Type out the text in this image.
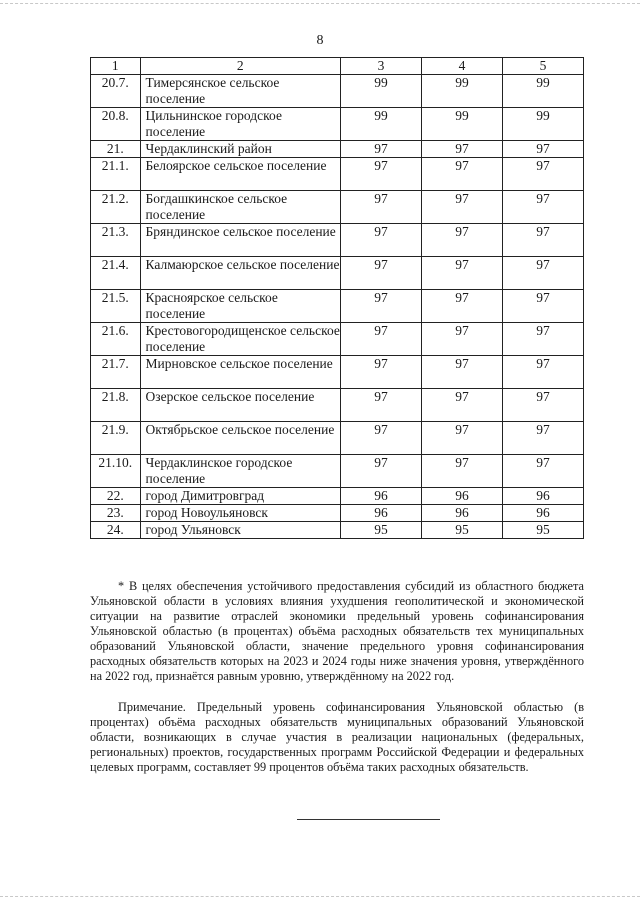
8
1	2	3	4	5
20.7.	Тимерсянское сельское поселение	99	99	99
20.8.	Цильнинское городское поселение	99	99	99
21.	Чердаклинский район	97	97	97
21.1.	Белоярское сельское поселение	97	97	97
21.2.	Богдашкинское сельское поселение	97	97	97
21.3.	Бряндинское сельское поселение	97	97	97
21.4.	Калмаюрское сельское поселение	97	97	97
21.5.	Красноярское сельское поселение	97	97	97
21.6.	Крестовогородищенское сельское поселение	97	97	97
21.7.	Мирновское сельское поселение	97	97	97
21.8.	Озерское сельское поселение	97	97	97
21.9.	Октябрьское сельское поселение	97	97	97
21.10.	Чердаклинское городское поселение	97	97	97
22.	город Димитровград	96	96	96
23.	город Новоульяновск	96	96	96
24.	город Ульяновск	95	95	95

* В целях обеспечения устойчивого предоставления субсидий из областного бюджета Ульяновской области в условиях влияния ухудшения геополитической и экономической ситуации на развитие отраслей экономики предельный уровень софинансирования Ульяновской областью (в процентах) объёма расходных обязательств тех муниципальных образований Ульяновской области, значение предельного уровня софинансирования расходных обязательств которых на 2023 и 2024 годы ниже значения уровня, утверждённого на 2022 год, признаётся равным уровню, утверждённому на 2022 год.

Примечание. Предельный уровень софинансирования Ульяновской областью (в процентах) объёма расходных обязательств муниципальных образований Ульяновской области, возникающих в случае участия в реализации национальных (федеральных, региональных) проектов, государственных программ Российской Федерации и федеральных целевых программ, составляет 99 процентов объёма таких расходных обязательств.
